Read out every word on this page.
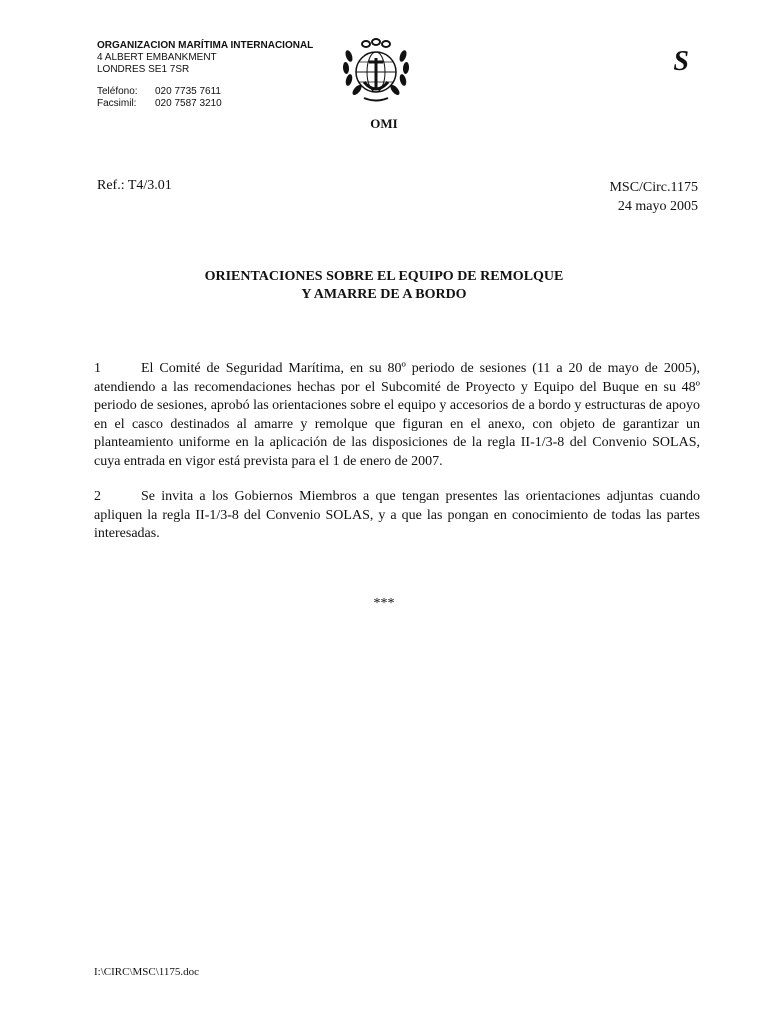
ORGANIZACION MARÍTIMA INTERNACIONAL
4 ALBERT EMBANKMENT
LONDRES SE1 7SR
Teléfono: 020 7735 7611
Facsimil: 020 7587 3210
OMI
S
Ref.: T4/3.01	MSC/Circ.1175
24 mayo 2005
ORIENTACIONES SOBRE EL EQUIPO DE REMOLQUE
Y AMARRE DE A BORDO
1	El Comité de Seguridad Marítima, en su 80º periodo de sesiones (11 a 20 de mayo de 2005), atendiendo a las recomendaciones hechas por el Subcomité de Proyecto y Equipo del Buque en su 48º periodo de sesiones, aprobó las orientaciones sobre el equipo y accesorios de a bordo y estructuras de apoyo en el casco destinados al amarre y remolque que figuran en el anexo, con objeto de garantizar un planteamiento uniforme en la aplicación de las disposiciones de la regla II-1/3-8 del Convenio SOLAS, cuya entrada en vigor está prevista para el 1 de enero de 2007.
2	Se invita a los Gobiernos Miembros a que tengan presentes las orientaciones adjuntas cuando apliquen la regla II-1/3-8 del Convenio SOLAS, y a que las pongan en conocimiento de todas las partes interesadas.
***
I:\CIRC\MSC\1175.doc
